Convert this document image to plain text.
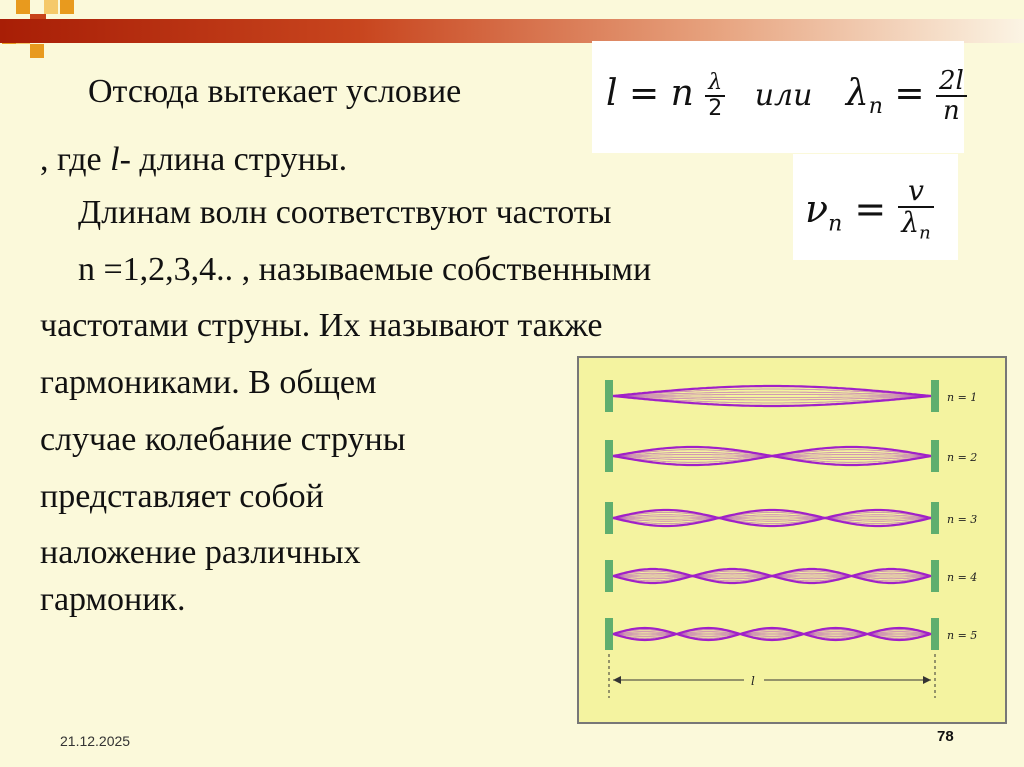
Отсюда вытекает условие
, где l- длина струны.
Длинам волн соответствуют частоты
n =1,2,3,4.. , называемые собственными
частотами струны. Их называют также
гармониками. В общем
случае колебание струны
представляет собой
наложение различных
гармоник.
l = n $\frac{\lambda}{2}$ или $\lambda_n = \frac{2l}{n}$
$\nu_n = \frac{v}{\lambda_n}$
n = 1
n = 2
n = 3
n = 4
n = 5
l
21.12.2025	78
